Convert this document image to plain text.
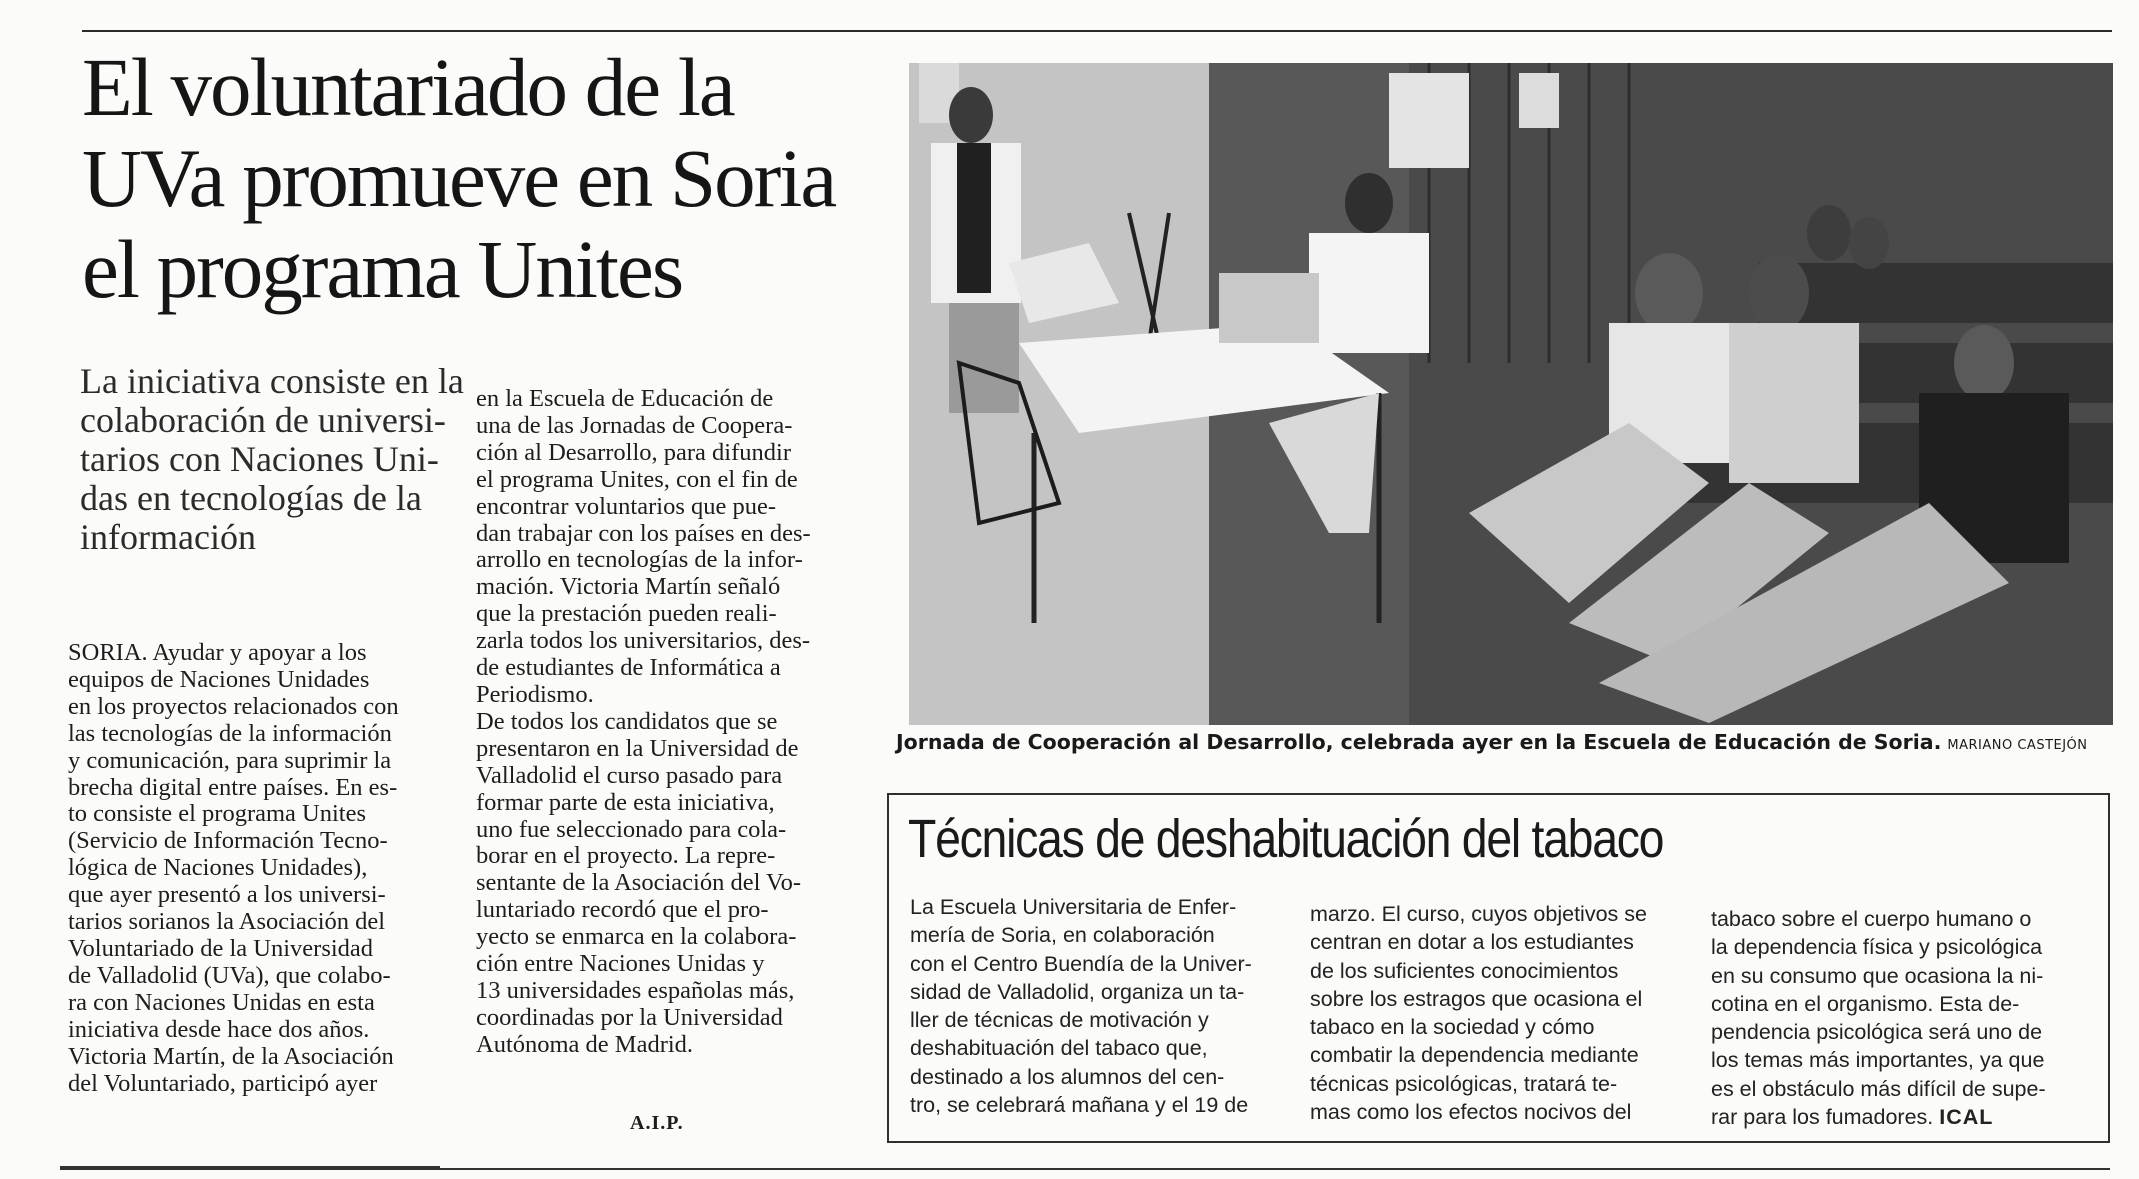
El voluntariado de la
UVa promueve en Soria
el programa Unites

La iniciativa consiste en la
colaboración de universi-
tarios con Naciones Uni-
das en tecnologías de la
información

SORIA. Ayudar y apoyar a los
equipos de Naciones Unidades
en los proyectos relacionados con
las tecnologías de la información
y comunicación, para suprimir la
brecha digital entre países. En es-
to consiste el programa Unites
(Servicio de Información Tecno-
lógica de Naciones Unidades),
que ayer presentó a los universi-
tarios sorianos la Asociación del
Voluntariado de la Universidad
de Valladolid (UVa), que colabo-
ra con Naciones Unidas en esta
iniciativa desde hace dos años.
Victoria Martín, de la Asociación
del Voluntariado, participó ayer

en la Escuela de Educación de
una de las Jornadas de Coopera-
ción al Desarrollo, para difundir
el programa Unites, con el fin de
encontrar voluntarios que pue-
dan trabajar con los países en des-
arrollo en tecnologías de la infor-
mación. Victoria Martín señaló
que la prestación pueden reali-
zarla todos los universitarios, des-
de estudiantes de Informática a
Periodismo.
De todos los candidatos que se
presentaron en la Universidad de
Valladolid el curso pasado para
formar parte de esta iniciativa,
uno fue seleccionado para cola-
borar en el proyecto. La repre-
sentante de la Asociación del Vo-
luntariado recordó que el pro-
yecto se enmarca en la colabora-
ción entre Naciones Unidas y
13 universidades españolas más,
coordinadas por la Universidad
Autónoma de Madrid.

A.I.P.
Jornada de Cooperación al Desarrollo, celebrada ayer en la Escuela de Educación de Soria. MARIANO CASTEJÓN
Técnicas de deshabituación del tabaco

La Escuela Universitaria de Enfer-
mería de Soria, en colaboración
con el Centro Buendía de la Univer-
sidad de Valladolid, organiza un ta-
ller de técnicas de motivación y
deshabituación del tabaco que,
destinado a los alumnos del cen-
tro, se celebrará mañana y el 19 de

marzo. El curso, cuyos objetivos se
centran en dotar a los estudiantes
de los suficientes conocimientos
sobre los estragos que ocasiona el
tabaco en la sociedad y cómo
combatir la dependencia mediante
técnicas psicológicas, tratará te-
mas como los efectos nocivos del

tabaco sobre el cuerpo humano o
la dependencia física y psicológica
en su consumo que ocasiona la ni-
cotina en el organismo. Esta de-
pendencia psicológica será uno de
los temas más importantes, ya que
es el obstáculo más difícil de supe-
rar para los fumadores. ICAL
